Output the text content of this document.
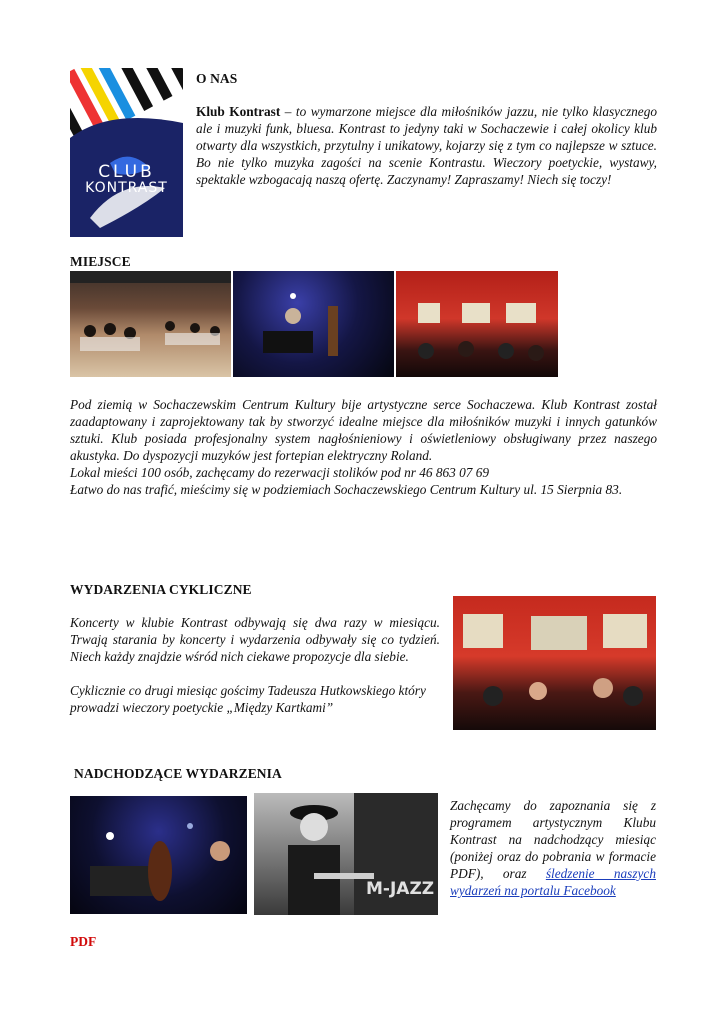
CLUB
KONTRAST
O NAS
Klub Kontrast – to wymarzone miejsce dla miłośników jazzu, nie tylko klasycznego ale i muzyki funk, bluesa. Kontrast to jedyny taki w Sochaczewie i całej okolicy klub otwarty dla wszystkich, przytulny i unikatowy, kojarzy się z tym co najlepsze w sztuce. Bo nie tylko muzyka zagości na scenie Kontrastu. Wieczory poetyckie, wystawy, spektakle wzbogacają naszą ofertę. Zaczynamy! Zapraszamy! Niech się toczy!
MIEJSCE
Pod ziemią w Sochaczewskim Centrum Kultury bije artystyczne serce Sochaczewa. Klub Kontrast został zaadaptowany i zaprojektowany tak by stworzyć idealne miejsce dla miłośników muzyki i innych gatunków sztuki. Klub posiada profesjonalny system nagłośnieniowy i oświetleniowy obsługiwany przez naszego akustyka. Do dyspozycji muzyków jest fortepian elektryczny Roland.
Lokal mieści 100 osób, zachęcamy do rezerwacji stolików pod nr 46 863 07 69
Łatwo do nas trafić, mieścimy się w podziemiach Sochaczewskiego Centrum Kultury ul. 15 Sierpnia 83.
WYDARZENIA CYKLICZNE
Koncerty w klubie Kontrast odbywają się dwa razy w miesiącu. Trwają starania by koncerty i wydarzenia odbywały się co tydzień. Niech każdy znajdzie wśród nich ciekawe propozycje dla siebie.
Cyklicznie co drugi miesiąc gościmy Tadeusza Hutkowskiego który prowadzi wieczory poetyckie „Między Kartkami”
NADCHODZĄCE WYDARZENIA
M-JAZZ
Zachęcamy do zapoznania się z programem artystycznym Klubu Kontrast na nadchodzący miesiąc (poniżej oraz do pobrania w formacie PDF), oraz śledzenie naszych wydarzeń na portalu Facebook
PDF
